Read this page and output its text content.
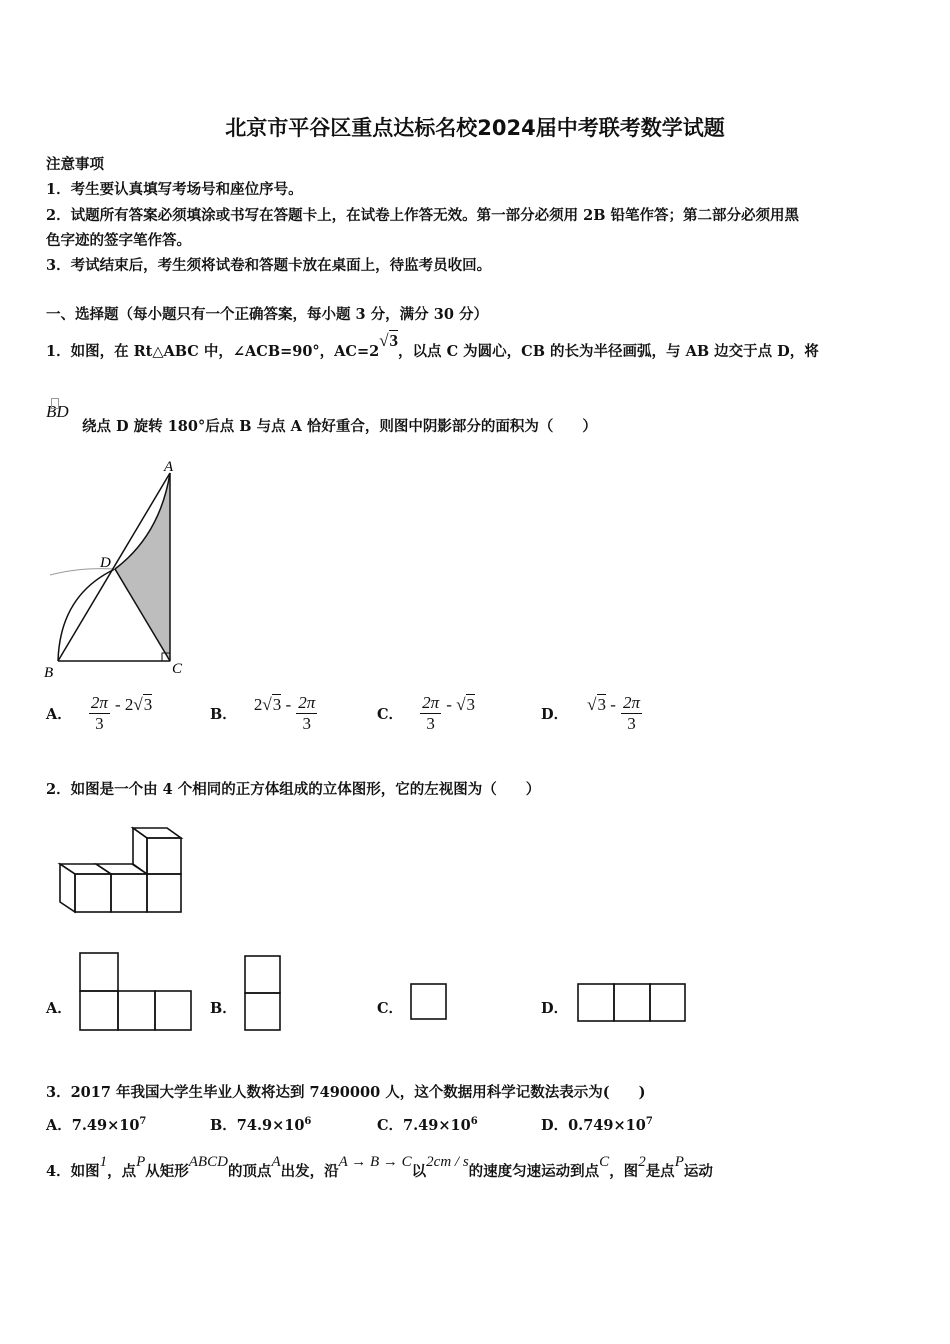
北京市平谷区重点达标名校2024届中考联考数学试题
注意事项
1．考生要认真填写考场号和座位序号。
2．试题所有答案必须填涂或书写在答题卡上，在试卷上作答无效。第一部分必须用 2B 铅笔作答；第二部分必须用黑
色字迹的签字笔作答。
3．考试结束后，考生须将试卷和答题卡放在桌面上，待监考员收回。
一、选择题（每小题只有一个正确答案，每小题 3 分，满分 30 分）
1．如图，在 Rt△ABC 中，∠ACB=90°，AC=2√3，以点 C 为圆心，CB 的长为半径画弧，与 AB 边交于点 D，将
BD
绕点 D 旋转 180°后点 B 与点 A 恰好重合，则图中阴影部分的面积为（　　）
A
D
B	C
A． $\frac{2\pi}{3} - 2√3$
B． $2√3 - \frac{2\pi}{3}$	C． $\frac{2\pi}{3} - √3$
D． $√3 - \frac{2\pi}{3}$
2．如图是一个由 4 个相同的正方体组成的立体图形，它的左视图为（　　）
A．	B．	C．	D．
3．2017 年我国大学生毕业人数将达到 7490000 人，这个数据用科学记数法表示为(　　)
A．$7.49\times 10^7$	B．$74.9\times 10^6$	C．$7.49\times 10^6$	D．$0.749\times 10^7$
4．如图1，点P从矩形ABCD的顶点A出发，沿A → B → C以2cm / s的速度匀速运动到点C，图2是点P运动
